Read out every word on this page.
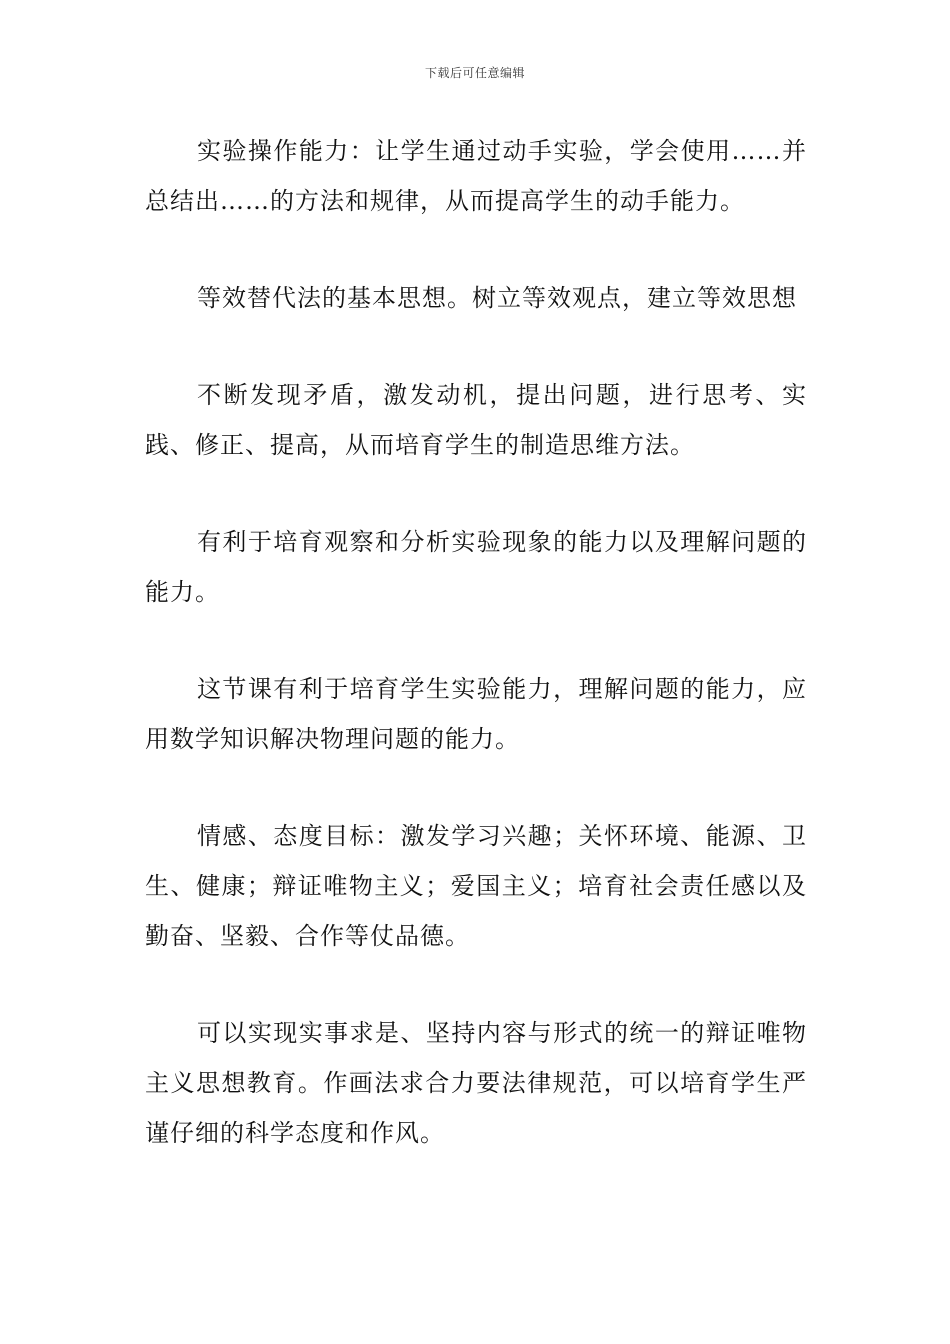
下载后可任意编辑

实验操作能力：让学生通过动手实验，学会使用……并总结出……的方法和规律，从而提高学生的动手能力。

等效替代法的基本思想。树立等效观点，建立等效思想

不断发现矛盾，激发动机，提出问题，进行思考、实践、修正、提高，从而培育学生的制造思维方法。

有利于培育观察和分析实验现象的能力以及理解问题的能力。

这节课有利于培育学生实验能力，理解问题的能力，应用数学知识解决物理问题的能力。

情感、态度目标：激发学习兴趣；关怀环境、能源、卫生、健康；辩证唯物主义；爱国主义；培育社会责任感以及勤奋、坚毅、合作等仗品德。

可以实现实事求是、坚持内容与形式的统一的辩证唯物主义思想教育。作画法求合力要法律规范，可以培育学生严谨仔细的科学态度和作风。
